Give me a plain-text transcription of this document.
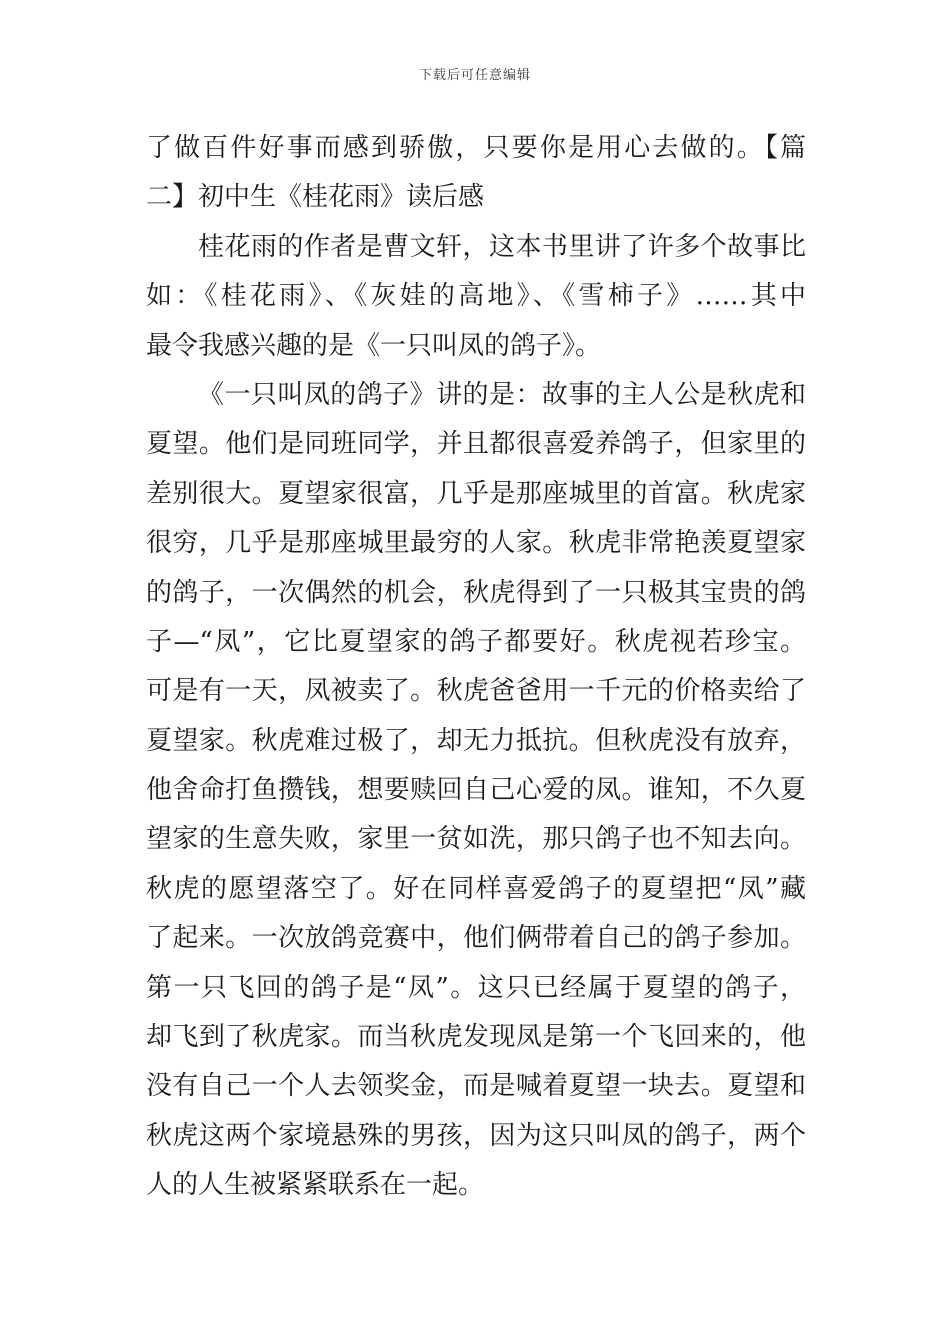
下载后可任意编辑
了做百件好事而感到骄傲，只要你是用心去做的。【篇
二】初中生《桂花雨》读后感
桂花雨的作者是曹文轩，这本书里讲了许多个故事比
如：《桂花雨》、《灰娃的高地》、《雪柿子》……其中
最令我感兴趣的是《一只叫凤的鸽子》。
《一只叫凤的鸽子》讲的是：故事的主人公是秋虎和
夏望。他们是同班同学，并且都很喜爱养鸽子，但家里的
差别很大。夏望家很富，几乎是那座城里的首富。秋虎家
很穷，几乎是那座城里最穷的人家。秋虎非常艳羡夏望家
的鸽子，一次偶然的机会，秋虎得到了一只极其宝贵的鸽
子—“凤”，它比夏望家的鸽子都要好。秋虎视若珍宝。
可是有一天，凤被卖了。秋虎爸爸用一千元的价格卖给了
夏望家。秋虎难过极了，却无力抵抗。但秋虎没有放弃，
他舍命打鱼攒钱，想要赎回自己心爱的凤。谁知，不久夏
望家的生意失败，家里一贫如洗，那只鸽子也不知去向。
秋虎的愿望落空了。好在同样喜爱鸽子的夏望把“凤”藏
了起来。一次放鸽竞赛中，他们俩带着自己的鸽子参加。
第一只飞回的鸽子是“凤”。这只已经属于夏望的鸽子，
却飞到了秋虎家。而当秋虎发现凤是第一个飞回来的，他
没有自己一个人去领奖金，而是喊着夏望一块去。夏望和
秋虎这两个家境悬殊的男孩，因为这只叫凤的鸽子，两个
人的人生被紧紧联系在一起。
